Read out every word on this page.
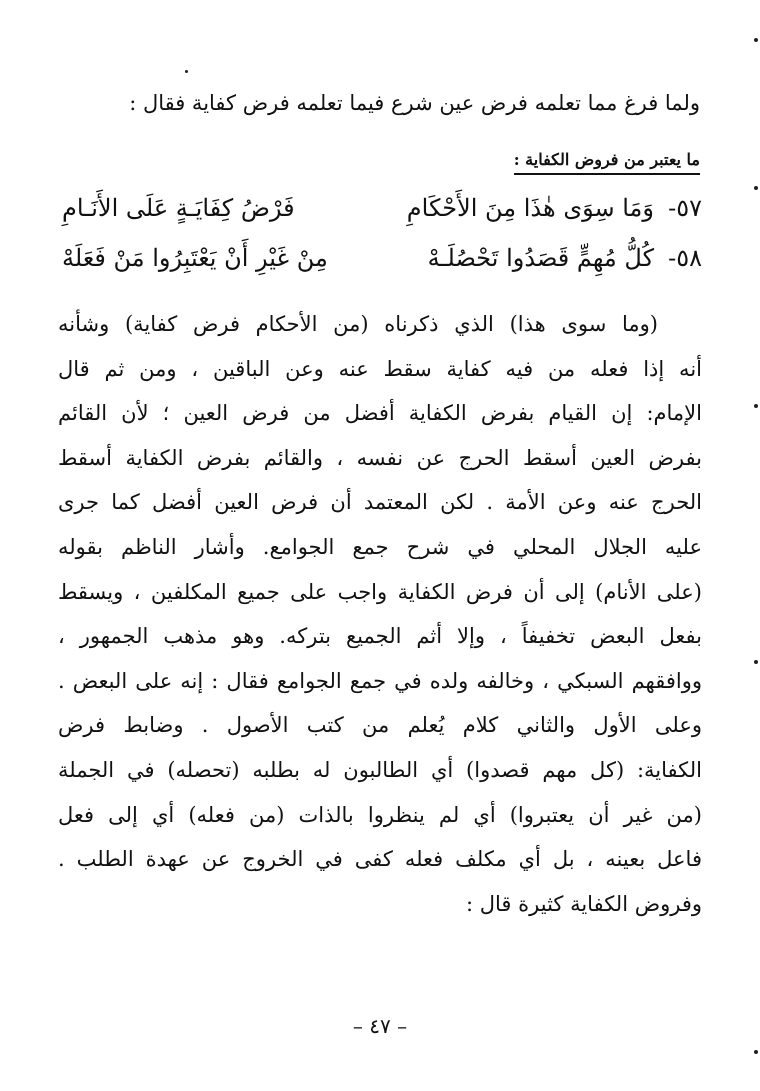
ولما فرغ مما تعلمه فرض عين شرع فيما تعلمه فرض كفاية فقال :
ما يعتبر من فروض الكفاية :
٥٧-
وَمَا سِوَى هٰذَا مِنَ الأَحْكَامِ
فَرْضُ كِفَايَـةٍ عَلَى الأَنَـامِ
٥٨-
كُلُّ مُهِمٍّ قَصَدُوا تَحْصُلَـهْ
مِنْ غَيْرِ أَنْ يَعْتَبِرُوا مَنْ فَعَلَهْ
(وما سوى هذا) الذي ذكرناه (من الأحكام فرض كفاية) وشأنه
أنه إذا فعله من فيه كفاية سقط عنه وعن الباقين ، ومن ثم قال
الإمام: إن القيام بفرض الكفاية أفضل من فرض العين ؛ لأن القائم
بفرض العين أسقط الحرج عن نفسه ، والقائم بفرض الكفاية أسقط
الحرج عنه وعن الأمة . لكن المعتمد أن فرض العين أفضل كما جرى
عليه الجلال المحلي في شرح جمع الجوامع. وأشار الناظم بقوله
(على الأنام) إلى أن فرض الكفاية واجب على جميع المكلفين ، ويسقط
بفعل البعض تخفيفاً ، وإلا أثم الجميع بتركه. وهو مذهب الجمهور ،
ووافقهم السبكي ، وخالفه ولده في جمع الجوامع فقال : إنه على البعض .
وعلى الأول والثاني كلام يُعلم من كتب الأصول . وضابط فرض
الكفاية: (كل مهم قصدوا) أي الطالبون له بطلبه (تحصله) في الجملة
(من غير أن يعتبروا) أي لم ينظروا بالذات (من فعله) أي إلى فعل
فاعل بعينه ، بل أي مكلف فعله كفى في الخروج عن عهدة الطلب .
وفروض الكفاية كثيرة قال :
– ٤٧ –
